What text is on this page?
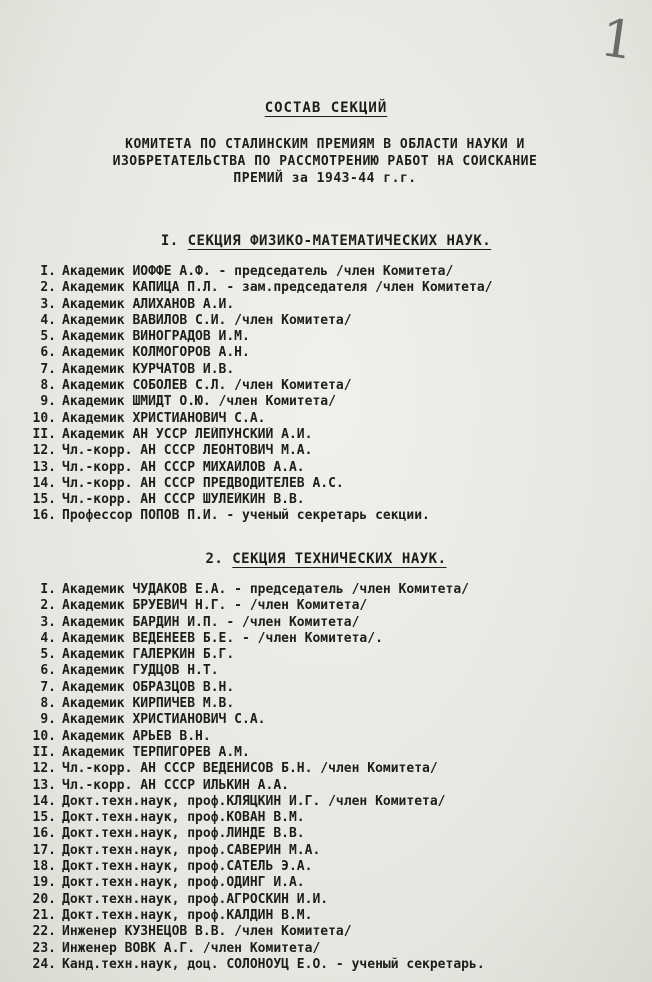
1
СОСТАВ СЕКЦИЙ
КОМИТЕТА ПО СТАЛИНСКИМ ПРЕМИЯМ В ОБЛАСТИ НАУКИ И
ИЗОБРЕТАТЕЛЬСТВА ПО РАССМОТРЕНИЮ РАБОТ НА СОИСКАНИЕ
ПРЕМИЙ за 1943-44 г.г.
I. СЕКЦИЯ ФИЗИКО-МАТЕМАТИЧЕСКИХ НАУК.
I. Академик ИОФФЕ А.Ф. - председатель /член Комитета/
2. Академик КАПИЦА П.Л. - зам.председателя /член Комитета/
3. Академик АЛИХАНОВ А.И.
4. Академик ВАВИЛОВ С.И. /член Комитета/
5. Академик ВИНОГРАДОВ И.М.
6. Академик КОЛМОГОРОВ А.Н.
7. Академик КУРЧАТОВ И.В.
8. Академик СОБОЛЕВ С.Л. /член Комитета/
9. Академик ШМИДТ О.Ю. /член Комитета/
10. Академик ХРИСТИАНОВИЧ С.А.
II. Академик АН УССР ЛЕЙПУНСКИЙ А.И.
12. Чл.-корр. АН СССР ЛЕОНТОВИЧ М.А.
13. Чл.-корр. АН СССР МИХАЙЛОВ А.А.
14. Чл.-корр. АН СССР ПРЕДВОДИТЕЛЕВ А.С.
15. Чл.-корр. АН СССР ШУЛЕЙКИН В.В.
16. Профессор ПОПОВ П.И. - ученый секретарь секции.
2. СЕКЦИЯ ТЕХНИЧЕСКИХ НАУК.
I. Академик ЧУДАКОВ Е.А. - председатель /член Комитета/
2. Академик БРУЕВИЧ Н.Г. - /член Комитета/
3. Академик БАРДИН И.П. - /член Комитета/
4. Академик ВЕДЕНЕЕВ Б.Е. - /член Комитета/.
5. Академик ГАЛЕРКИН Б.Г.
6. Академик ГУДЦОВ Н.Т.
7. Академик ОБРАЗЦОВ В.Н.
8. Академик КИРПИЧЕВ М.В.
9. Академик ХРИСТИАНОВИЧ С.А.
10. Академик АРЬЕВ В.Н.
II. Академик ТЕРПИГОРЕВ А.М.
12. Чл.-корр. АН СССР ВЕДЕНИСОВ Б.Н. /член Комитета/
13. Чл.-корр. АН СССР ИЛЬКИН А.А.
14. Докт.техн.наук, проф.КЛЯЦКИН И.Г. /член Комитета/
15. Докт.техн.наук, проф.КОВАН В.М.
16. Докт.техн.наук, проф.ЛИНДЕ В.В.
17. Докт.техн.наук, проф.САВЕРИН М.А.
18. Докт.техн.наук, проф.САТЕЛЬ Э.А.
19. Докт.техн.наук, проф.ОДИНГ И.А.
20. Докт.техн.наук, проф.АГРОСКИН И.И.
21. Докт.техн.наук, проф.КАЛДИН В.М.
22. Инженер КУЗНЕЦОВ В.В. /член Комитета/
23. Инженер ВОВК А.Г. /член Комитета/
24. Канд.техн.наук, доц. СОЛОНОУЦ Е.О. - ученый секретарь.
